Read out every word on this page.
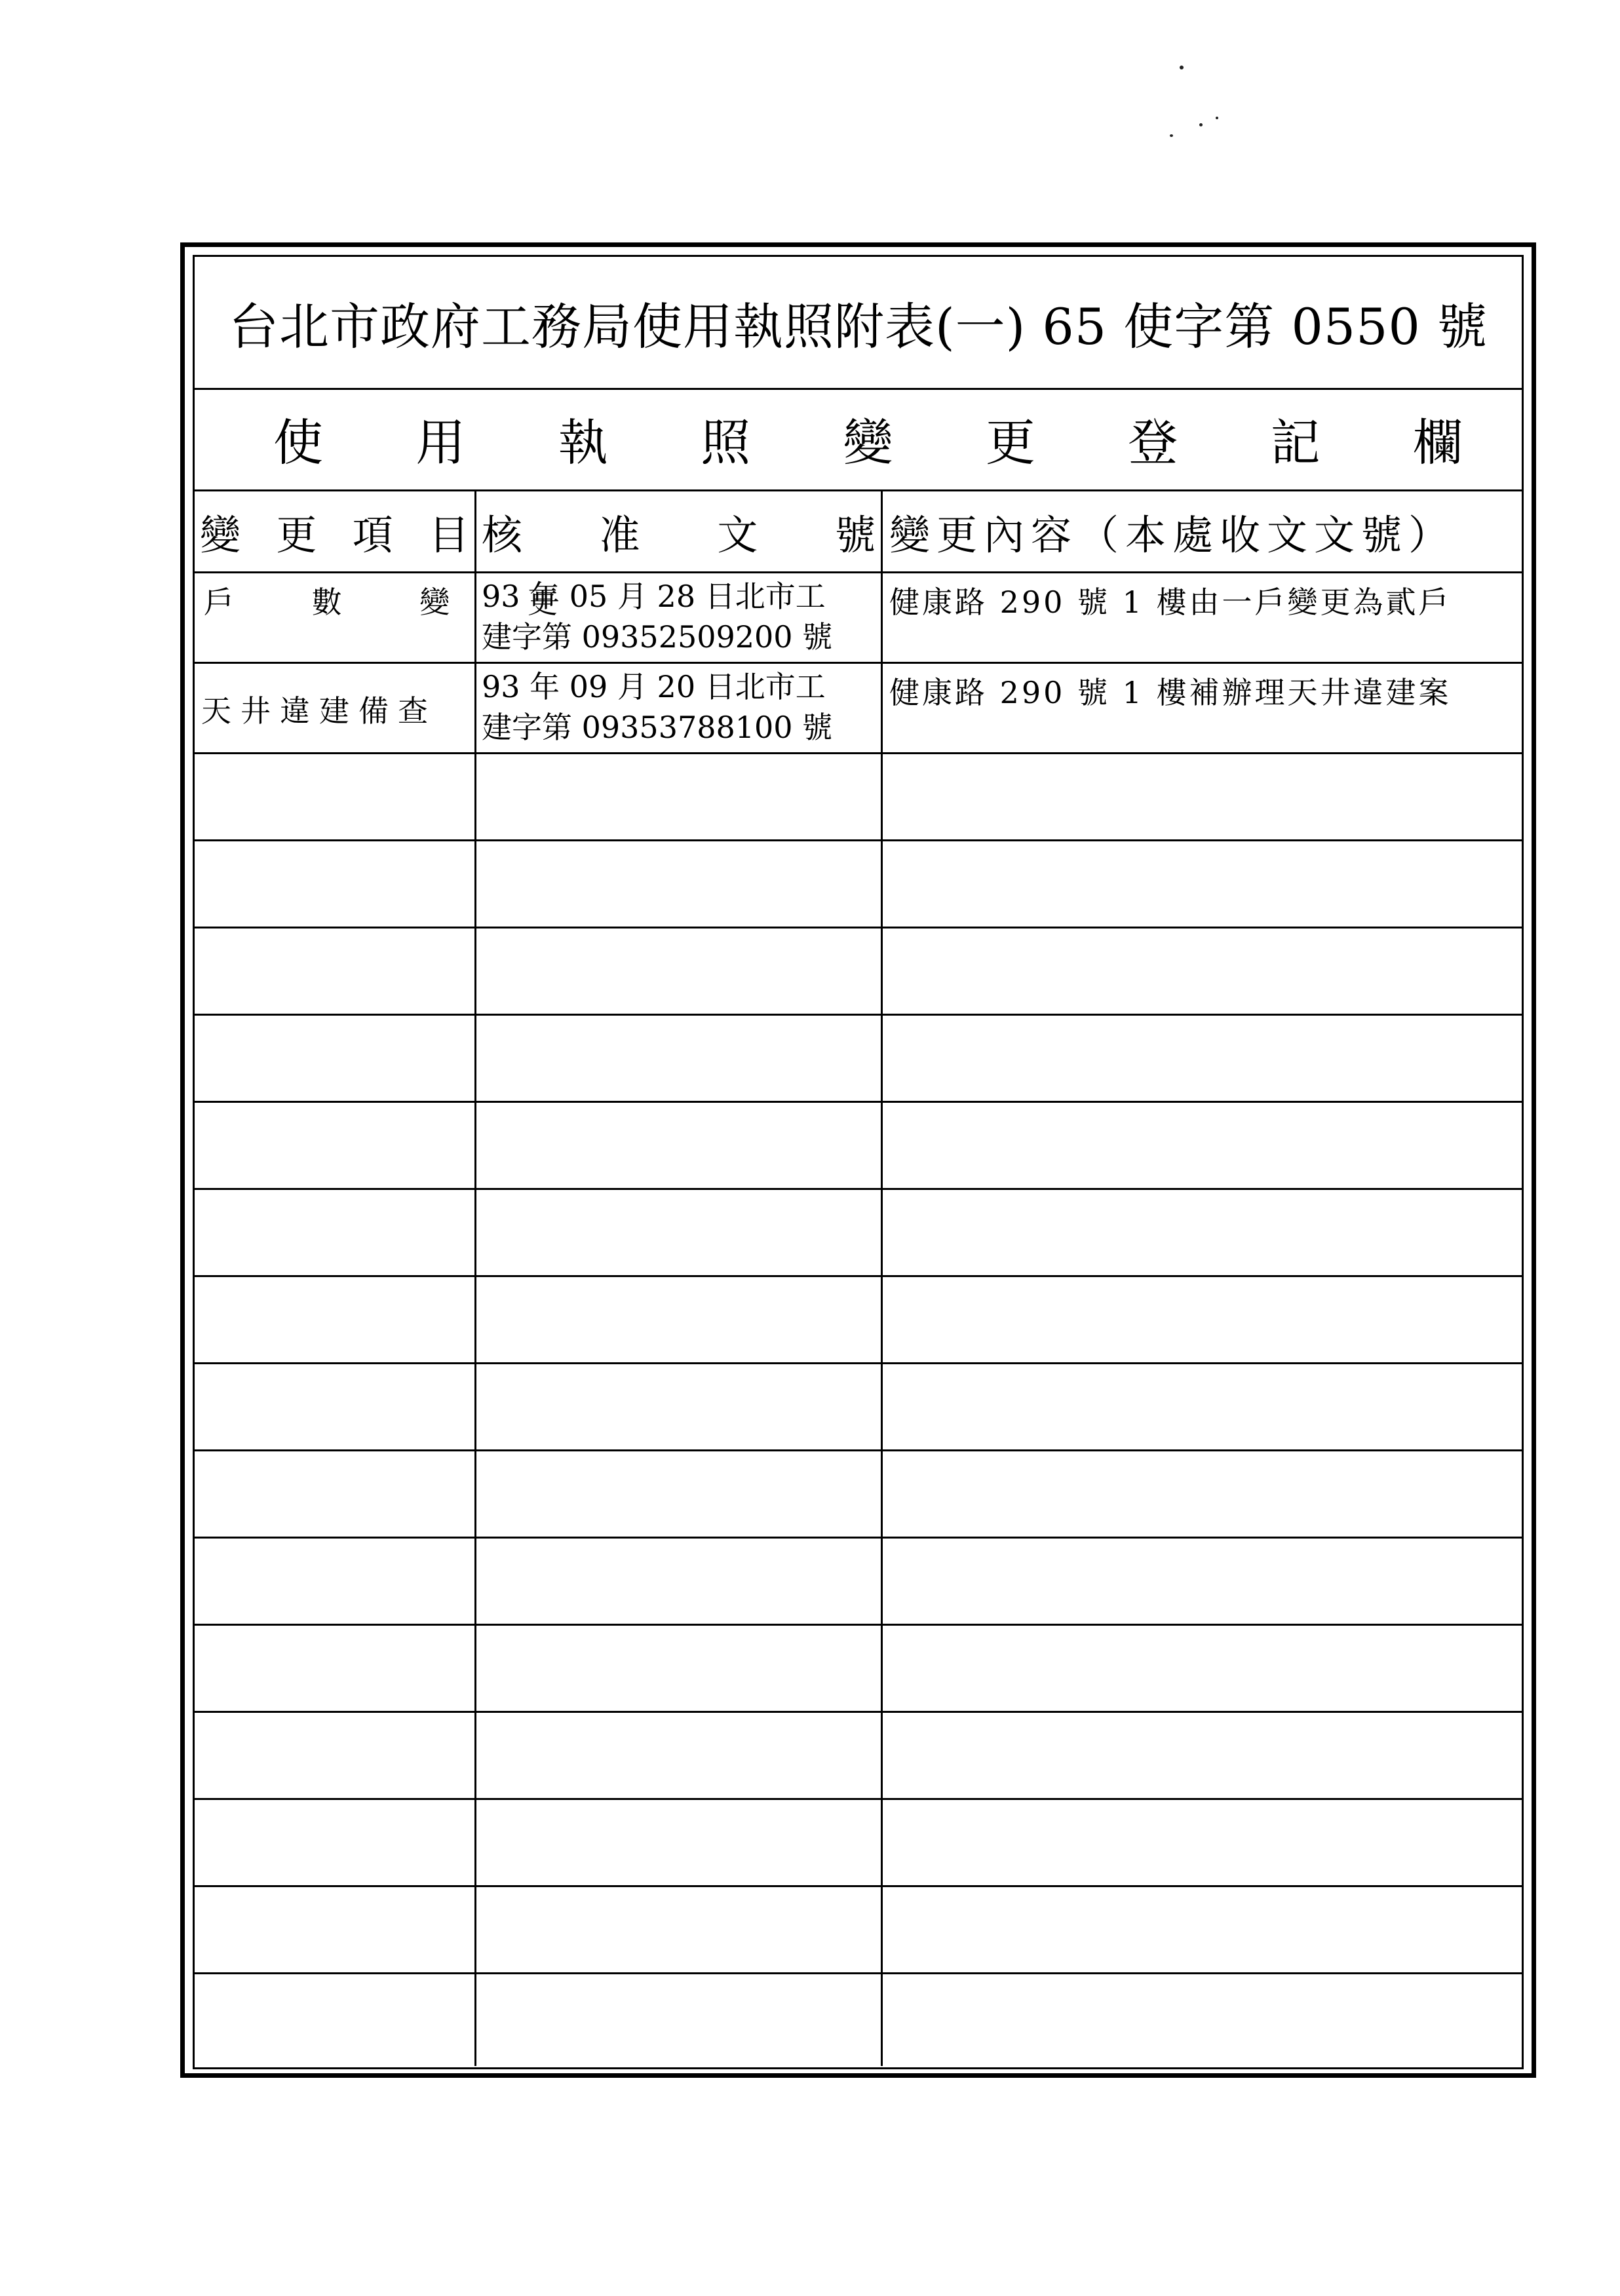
台北市政府工務局使用執照附表(一) 65 使字第 0550 號
使 用 執 照 變 更 登 記 欄
變 更 項 目 核 准 文 號 變更內容（本處收文文號）
戶 數 變 更
93 年 05 月 28 日北市工
建字第 09352509200 號
健康路 290 號 1 樓由一戶變更為貳戶
天井違建備查
93 年 09 月 20 日北市工
建字第 09353788100 號
健康路 290 號 1 樓補辦理天井違建案
